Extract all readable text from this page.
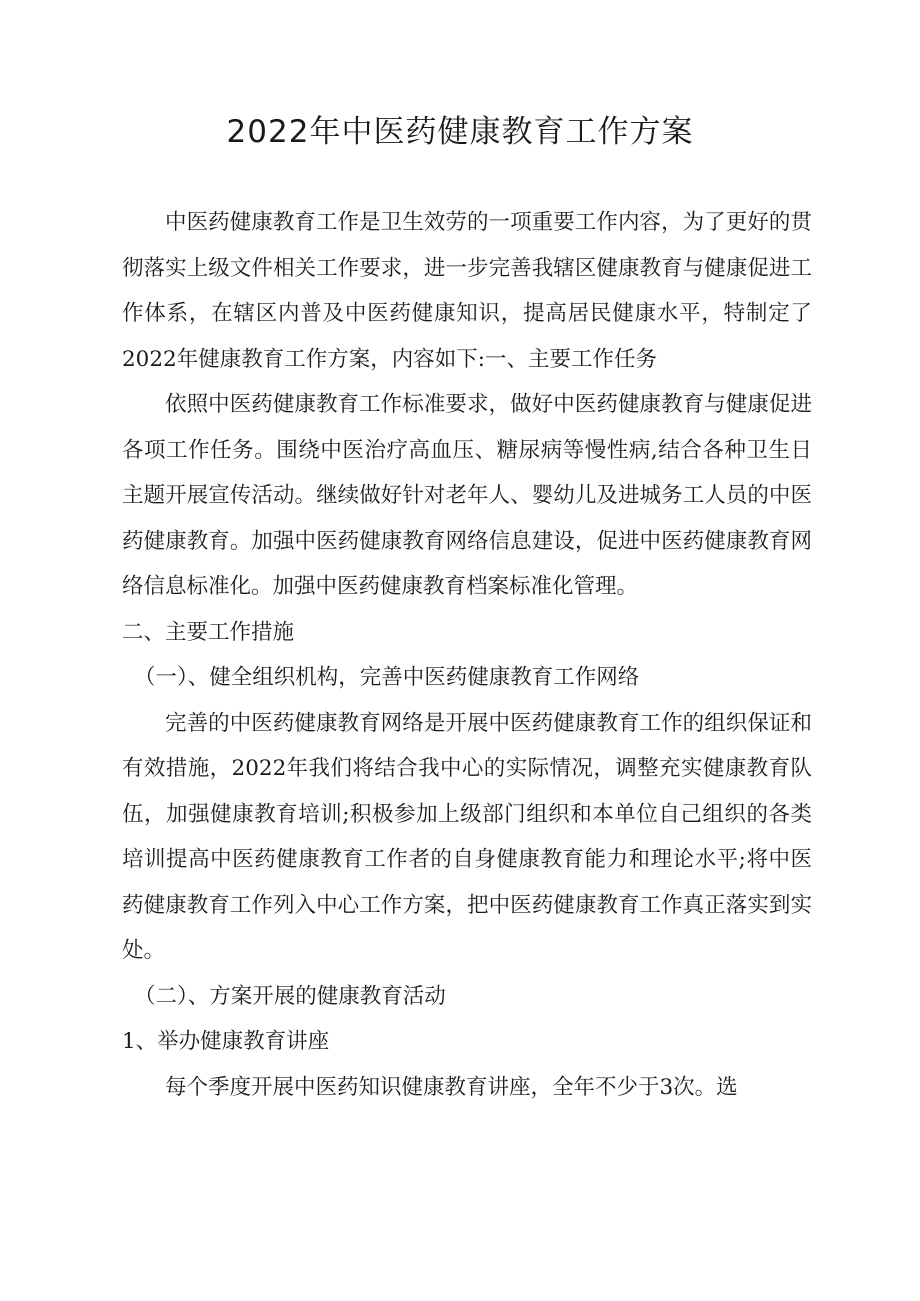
2022年中医药健康教育工作方案

中医药健康教育工作是卫生效劳的一项重要工作内容，为了更好的贯彻落实上级文件相关工作要求，进一步完善我辖区健康教育与健康促进工作体系，在辖区内普及中医药健康知识，提高居民健康水平，特制定了2022年健康教育工作方案，内容如下:一、主要工作任务

依照中医药健康教育工作标准要求，做好中医药健康教育与健康促进各项工作任务。围绕中医治疗高血压、糖尿病等慢性病,结合各种卫生日主题开展宣传活动。继续做好针对老年人、婴幼儿及进城务工人员的中医药健康教育。加强中医药健康教育网络信息建设，促进中医药健康教育网络信息标准化。加强中医药健康教育档案标准化管理。

二、主要工作措施

（一）、健全组织机构，完善中医药健康教育工作网络

完善的中医药健康教育网络是开展中医药健康教育工作的组织保证和有效措施，2022年我们将结合我中心的实际情况，调整充实健康教育队伍，加强健康教育培训;积极参加上级部门组织和本单位自己组织的各类培训提高中医药健康教育工作者的自身健康教育能力和理论水平;将中医药健康教育工作列入中心工作方案，把中医药健康教育工作真正落实到实处。

（二）、方案开展的健康教育活动

1、举办健康教育讲座

每个季度开展中医药知识健康教育讲座，全年不少于3次。选
